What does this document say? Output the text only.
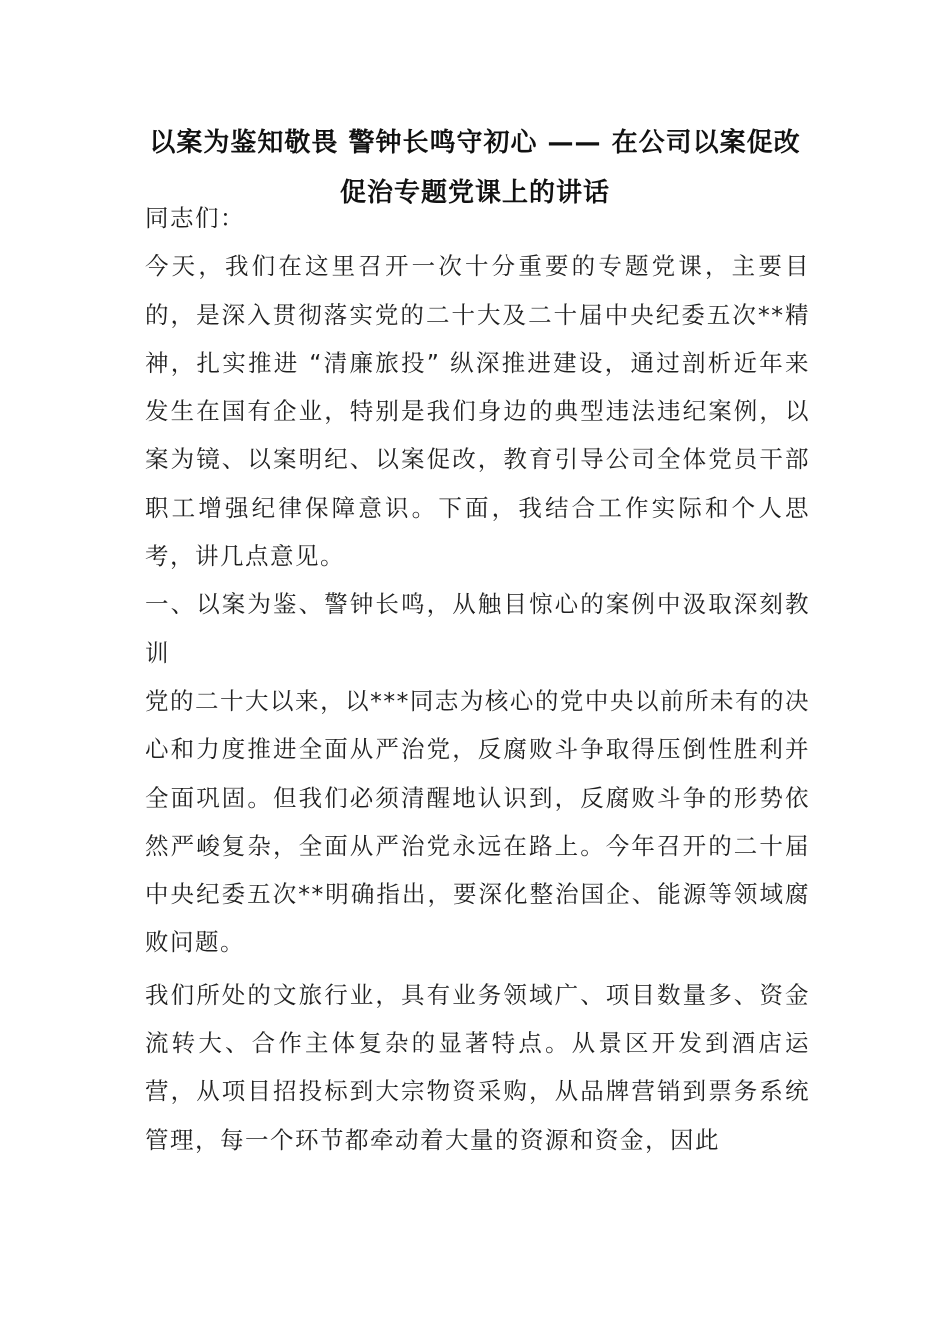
以案为鉴知敬畏 警钟长鸣守初心 —— 在公司以案促改促治专题党课上的讲话

同志们：

今天，我们在这里召开一次十分重要的专题党课，主要目的，是深入贯彻落实党的二十大及二十届中央纪委五次**精神，扎实推进 “清廉旅投” 纵深推进建设，通过剖析近年来发生在国有企业，特别是我们身边的典型违法违纪案例，以案为镜、以案明纪、以案促改，教育引导公司全体党员干部职工增强纪律保障意识。下面，我结合工作实际和个人思考，讲几点意见。

一、以案为鉴、警钟长鸣，从触目惊心的案例中汲取深刻教训

党的二十大以来，以***同志为核心的党中央以前所未有的决心和力度推进全面从严治党，反腐败斗争取得压倒性胜利并全面巩固。但我们必须清醒地认识到，反腐败斗争的形势依然严峻复杂，全面从严治党永远在路上。今年召开的二十届中央纪委五次**明确指出，要深化整治国企、能源等领域腐败问题。

我们所处的文旅行业，具有业务领域广、项目数量多、资金流转大、合作主体复杂的显著特点。从景区开发到酒店运营，从项目招投标到大宗物资采购，从品牌营销到票务系统管理，每一个环节都牵动着大量的资源和资金，因此
